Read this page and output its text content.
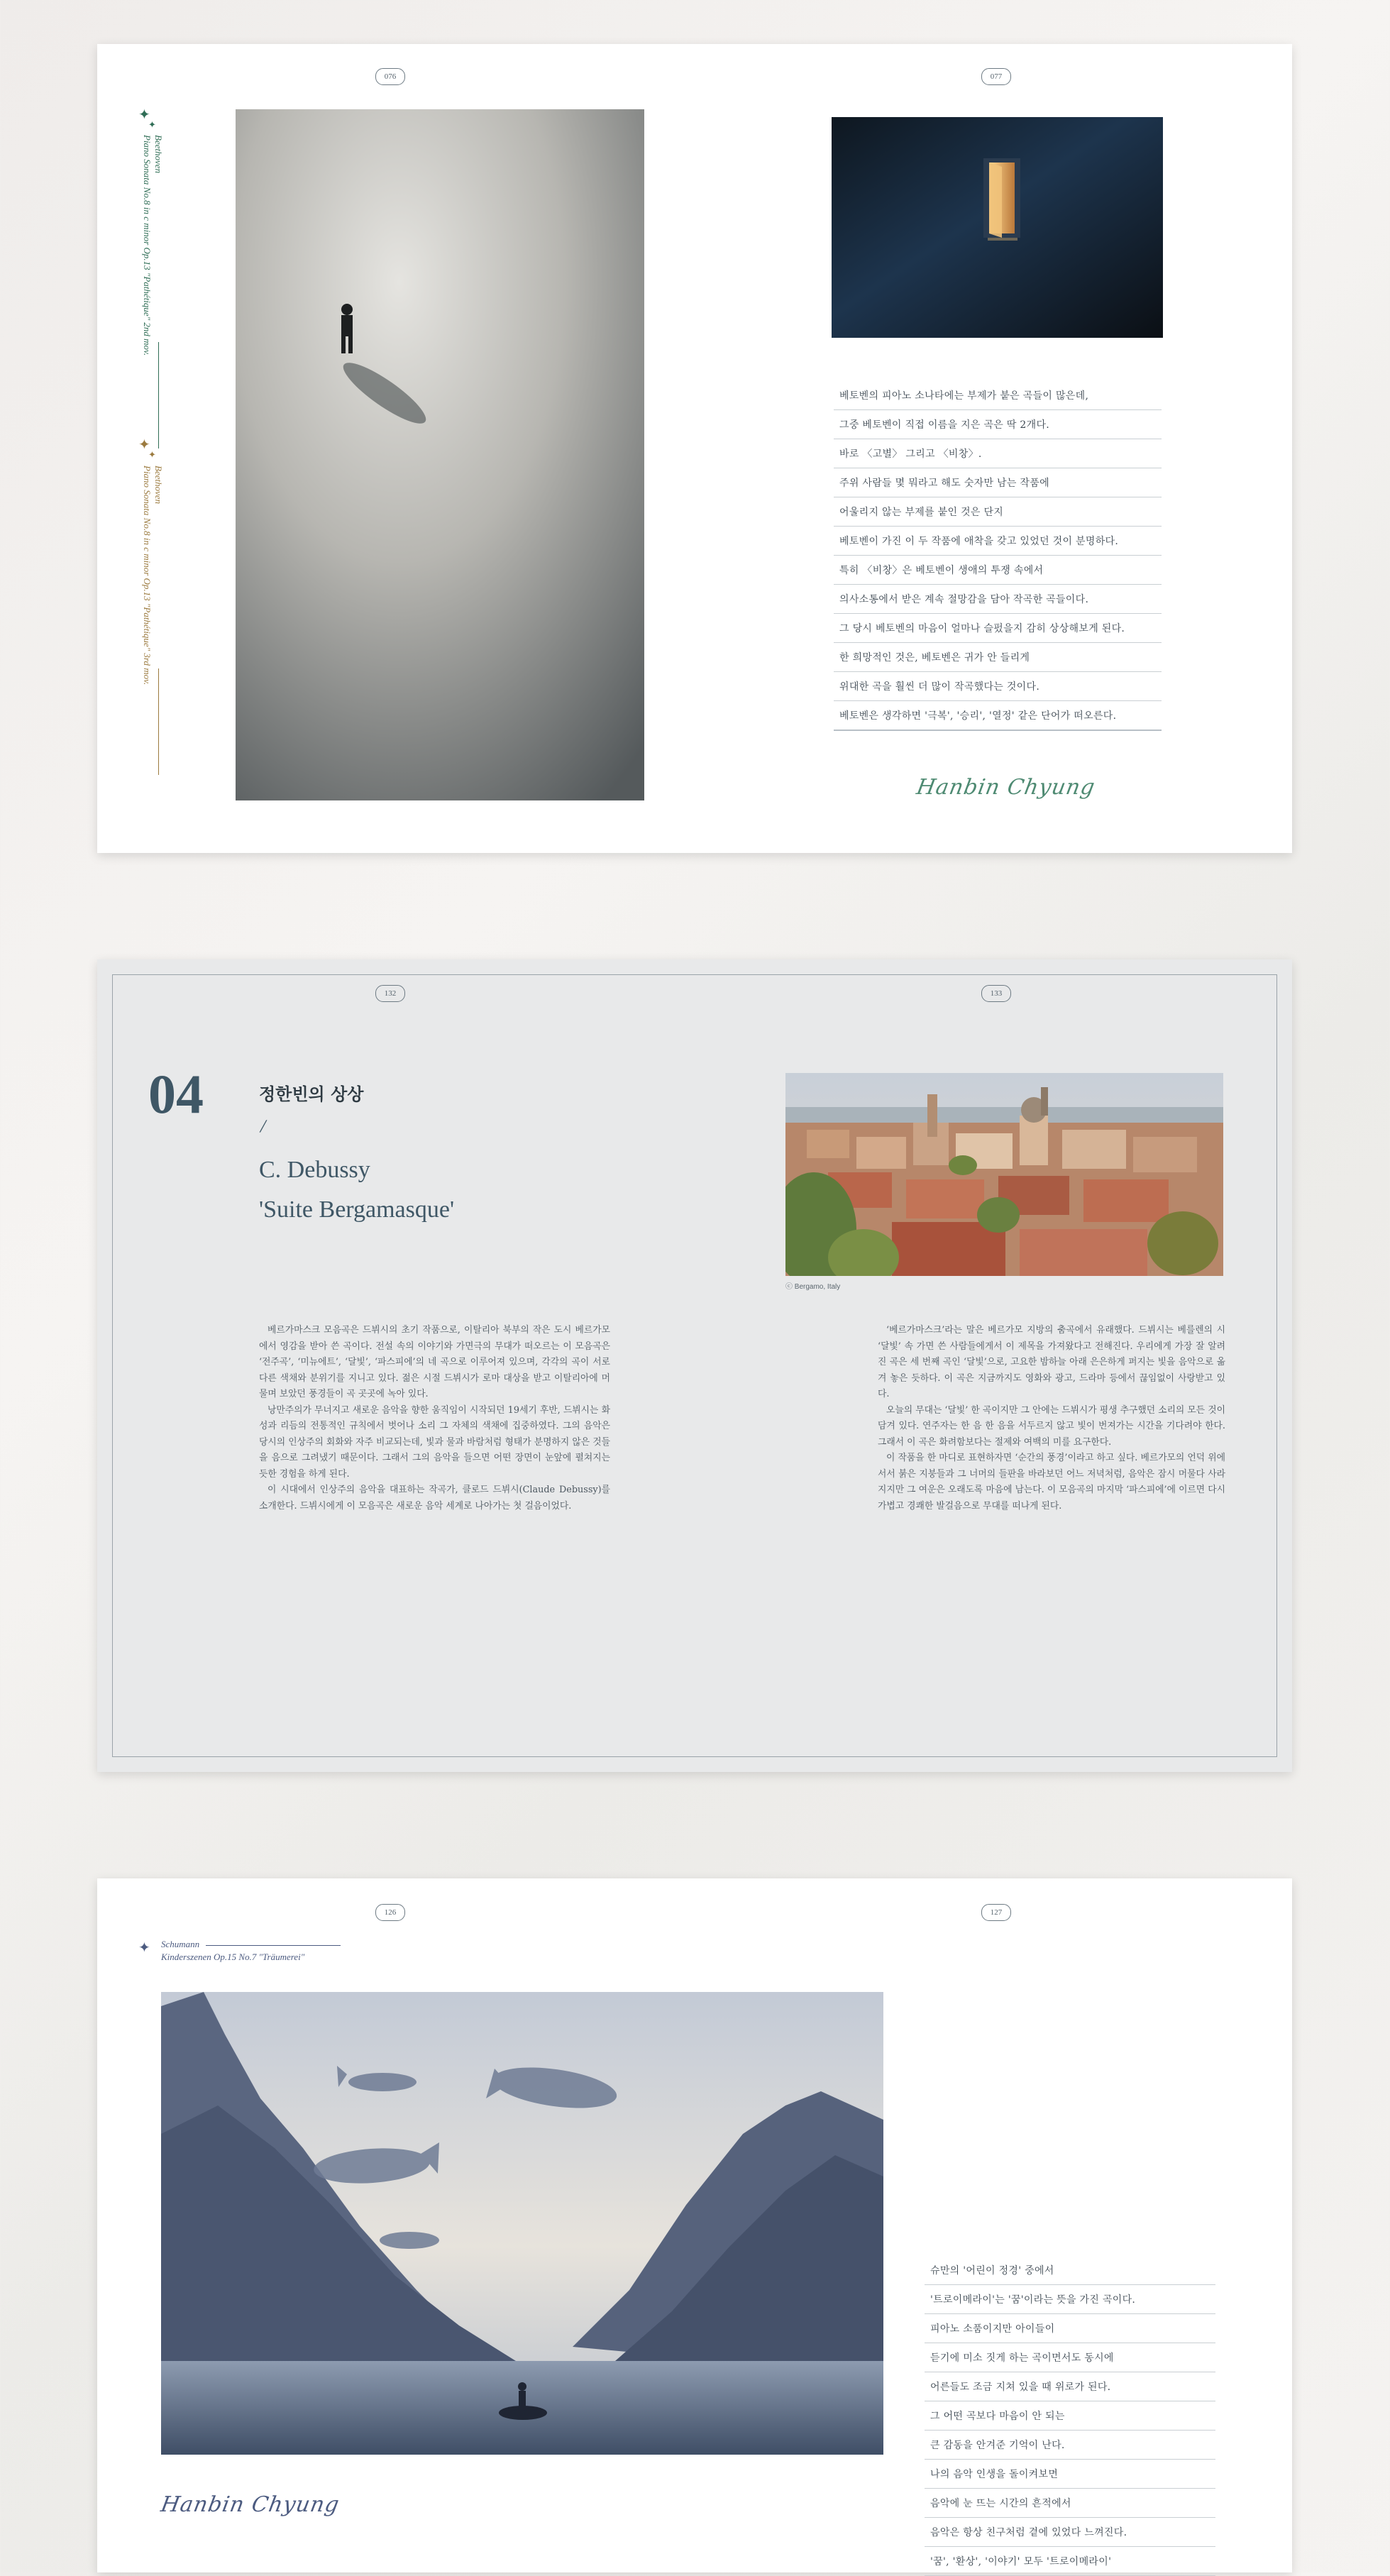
076	077
✦
✦
Beethoven
Piano Sonata No.8 in c minor Op.13 "Pathétique" 2nd mov.
✦
✦
Beethoven
Piano Sonata No.8 in c minor Op.13 "Pathétique" 3rd mov.
베토벤의 피아노 소나타에는 부제가 붙은 곡들이 많은데,
그중 베토벤이 직접 이름을 지은 곡은 딱 2개다.
바로 〈고별〉 그리고 〈비창〉.
주위 사람들 몇 뭐라고 해도 숫자만 남는 작품에
어울리지 않는 부제를 붙인 것은 단지
베토벤이 가진 이 두 작품에 애착을 갖고 있었던 것이 분명하다.
특히 〈비창〉은 베토벤이 생애의 투쟁 속에서
의사소통에서 받은 계속 절망감을 담아 작곡한 곡들이다.
그 당시 베토벤의 마음이 얼마나 슬펐을지 감히 상상해보게 된다.
한 희망적인 것은, 베토벤은 귀가 안 들리게
위대한 곡을 훨씬 더 많이 작곡했다는 것이다.
베토벤은 생각하면 '극복', '승리', '열정' 같은 단어가 떠오른다.
Hanbin Chyung
132	133
04	정한빈의 상상
/
C. Debussy
'Suite Bergamasque'
ⓒ Bergamo, Italy

베르가마스크 모음곡은 드뷔시의 초기 작품으로, 이탈리아 북부의 작은 도시 베르가모에서 영감을 받아 쓴 곡이다. 전설 속의 이야기와 가면극의 무대가 떠오르는 이 모음곡은 ‘전주곡’, ‘미뉴에트’, ‘달빛’, ‘파스피에’의 네 곡으로 이루어져 있으며, 각각의 곡이 서로 다른 색채와 분위기를 지니고 있다. 젊은 시절 드뷔시가 로마 대상을 받고 이탈리아에 머물며 보았던 풍경들이 곡 곳곳에 녹아 있다.

낭만주의가 무너지고 새로운 음악을 향한 움직임이 시작되던 19세기 후반, 드뷔시는 화성과 리듬의 전통적인 규칙에서 벗어나 소리 그 자체의 색채에 집중하였다. 그의 음악은 당시의 인상주의 회화와 자주 비교되는데, 빛과 물과 바람처럼 형태가 분명하지 않은 것들을 음으로 그려냈기 때문이다. 그래서 그의 음악을 들으면 어떤 장면이 눈앞에 펼쳐지는 듯한 경험을 하게 된다.

이 시대에서 인상주의 음악을 대표하는 작곡가, 클로드 드뷔시(Claude Debussy)를 소개한다. 드뷔시에게 이 모음곡은 새로운 음악 세계로 나아가는 첫 걸음이었다.

‘베르가마스크’라는 말은 베르가모 지방의 춤곡에서 유래했다. 드뷔시는 베를렌의 시 ‘달빛’ 속 가면 쓴 사람들에게서 이 제목을 가져왔다고 전해진다. 우리에게 가장 잘 알려진 곡은 세 번째 곡인 ‘달빛’으로, 고요한 밤하늘 아래 은은하게 퍼지는 빛을 음악으로 옮겨 놓은 듯하다. 이 곡은 지금까지도 영화와 광고, 드라마 등에서 끊임없이 사랑받고 있다.

오늘의 무대는 ‘달빛’ 한 곡이지만 그 안에는 드뷔시가 평생 추구했던 소리의 모든 것이 담겨 있다. 연주자는 한 음 한 음을 서두르지 않고 빛이 번져가는 시간을 기다려야 한다. 그래서 이 곡은 화려함보다는 절제와 여백의 미를 요구한다.

이 작품을 한 마디로 표현하자면 ‘순간의 풍경’이라고 하고 싶다. 베르가모의 언덕 위에 서서 붉은 지붕들과 그 너머의 들판을 바라보던 어느 저녁처럼, 음악은 잠시 머물다 사라지지만 그 여운은 오래도록 마음에 남는다. 이 모음곡의 마지막 ‘파스피에’에 이르면 다시 가볍고 경쾌한 발걸음으로 무대를 떠나게 된다.

126	127
✦ Schumann
Kinderszenen Op.15 No.7 "Träumerei"
Hanbin Chyung
슈만의 '어린이 정경' 중에서
'트로이메라이'는 '꿈'이라는 뜻을 가진 곡이다.
피아노 소품이지만 아이들이
듣기에 미소 짓게 하는 곡이면서도 동시에
어른들도 조금 지쳐 있을 때 위로가 된다.
그 어떤 곡보다 마음이 안 되는
큰 감동을 안겨준 기억이 난다.
나의 음악 인생을 돌이켜보면
음악에 눈 뜨는 시간의 흔적에서
음악은 항상 친구처럼 곁에 있었다 느껴진다.
'꿈', '환상', '이야기' 모두 '트로이메라이'
